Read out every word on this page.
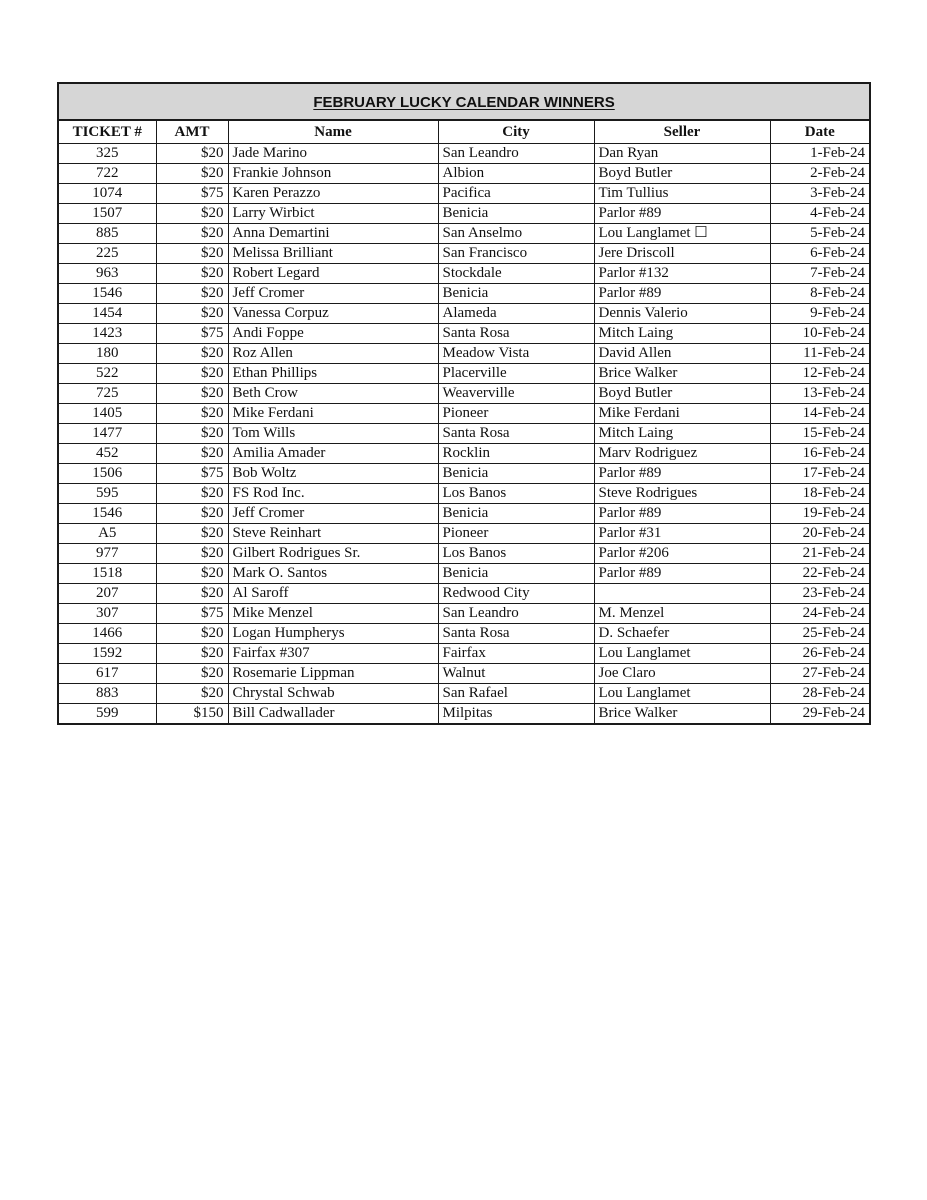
FEBRUARY LUCKY CALENDAR WINNERS					
TICKET #	AMT	Name	City	Seller	Date
325	$20	Jade Marino	San Leandro	Dan Ryan	1-Feb-24
722	$20	Frankie Johnson	Albion	Boyd Butler	2-Feb-24
1074	$75	Karen Perazzo	Pacifica	Tim Tullius	3-Feb-24
1507	$20	Larry Wirbict	Benicia	Parlor #89	4-Feb-24
885	$20	Anna Demartini	San Anselmo	Lou Langlamet ☐	5-Feb-24
225	$20	Melissa Brilliant	San Francisco	Jere Driscoll	6-Feb-24
963	$20	Robert Legard	Stockdale	Parlor #132	7-Feb-24
1546	$20	Jeff Cromer	Benicia	Parlor #89	8-Feb-24
1454	$20	Vanessa Corpuz	Alameda	Dennis Valerio	9-Feb-24
1423	$75	Andi Foppe	Santa Rosa	Mitch Laing	10-Feb-24
180	$20	Roz Allen	Meadow Vista	David Allen	11-Feb-24
522	$20	Ethan Phillips	Placerville	Brice Walker	12-Feb-24
725	$20	Beth Crow	Weaverville	Boyd Butler	13-Feb-24
1405	$20	Mike Ferdani	Pioneer	Mike Ferdani	14-Feb-24
1477	$20	Tom Wills	Santa Rosa	Mitch Laing	15-Feb-24
452	$20	Amilia Amader	Rocklin	Marv Rodriguez	16-Feb-24
1506	$75	Bob Woltz	Benicia	Parlor #89	17-Feb-24
595	$20	FS Rod Inc.	Los Banos	Steve Rodrigues	18-Feb-24
1546	$20	Jeff Cromer	Benicia	Parlor #89	19-Feb-24
A5	$20	Steve Reinhart	Pioneer	Parlor #31	20-Feb-24
977	$20	Gilbert Rodrigues Sr.	Los Banos	Parlor #206	21-Feb-24
1518	$20	Mark O. Santos	Benicia	Parlor #89	22-Feb-24
207	$20	Al Saroff	Redwood City		23-Feb-24
307	$75	Mike Menzel	San Leandro	M. Menzel	24-Feb-24
1466	$20	Logan Humpherys	Santa Rosa	D. Schaefer	25-Feb-24
1592	$20	Fairfax #307	Fairfax	Lou Langlamet	26-Feb-24
617	$20	Rosemarie Lippman	Walnut	Joe Claro	27-Feb-24
883	$20	Chrystal Schwab	San Rafael	Lou Langlamet	28-Feb-24
599	$150	Bill Cadwallader	Milpitas	Brice Walker	29-Feb-24
